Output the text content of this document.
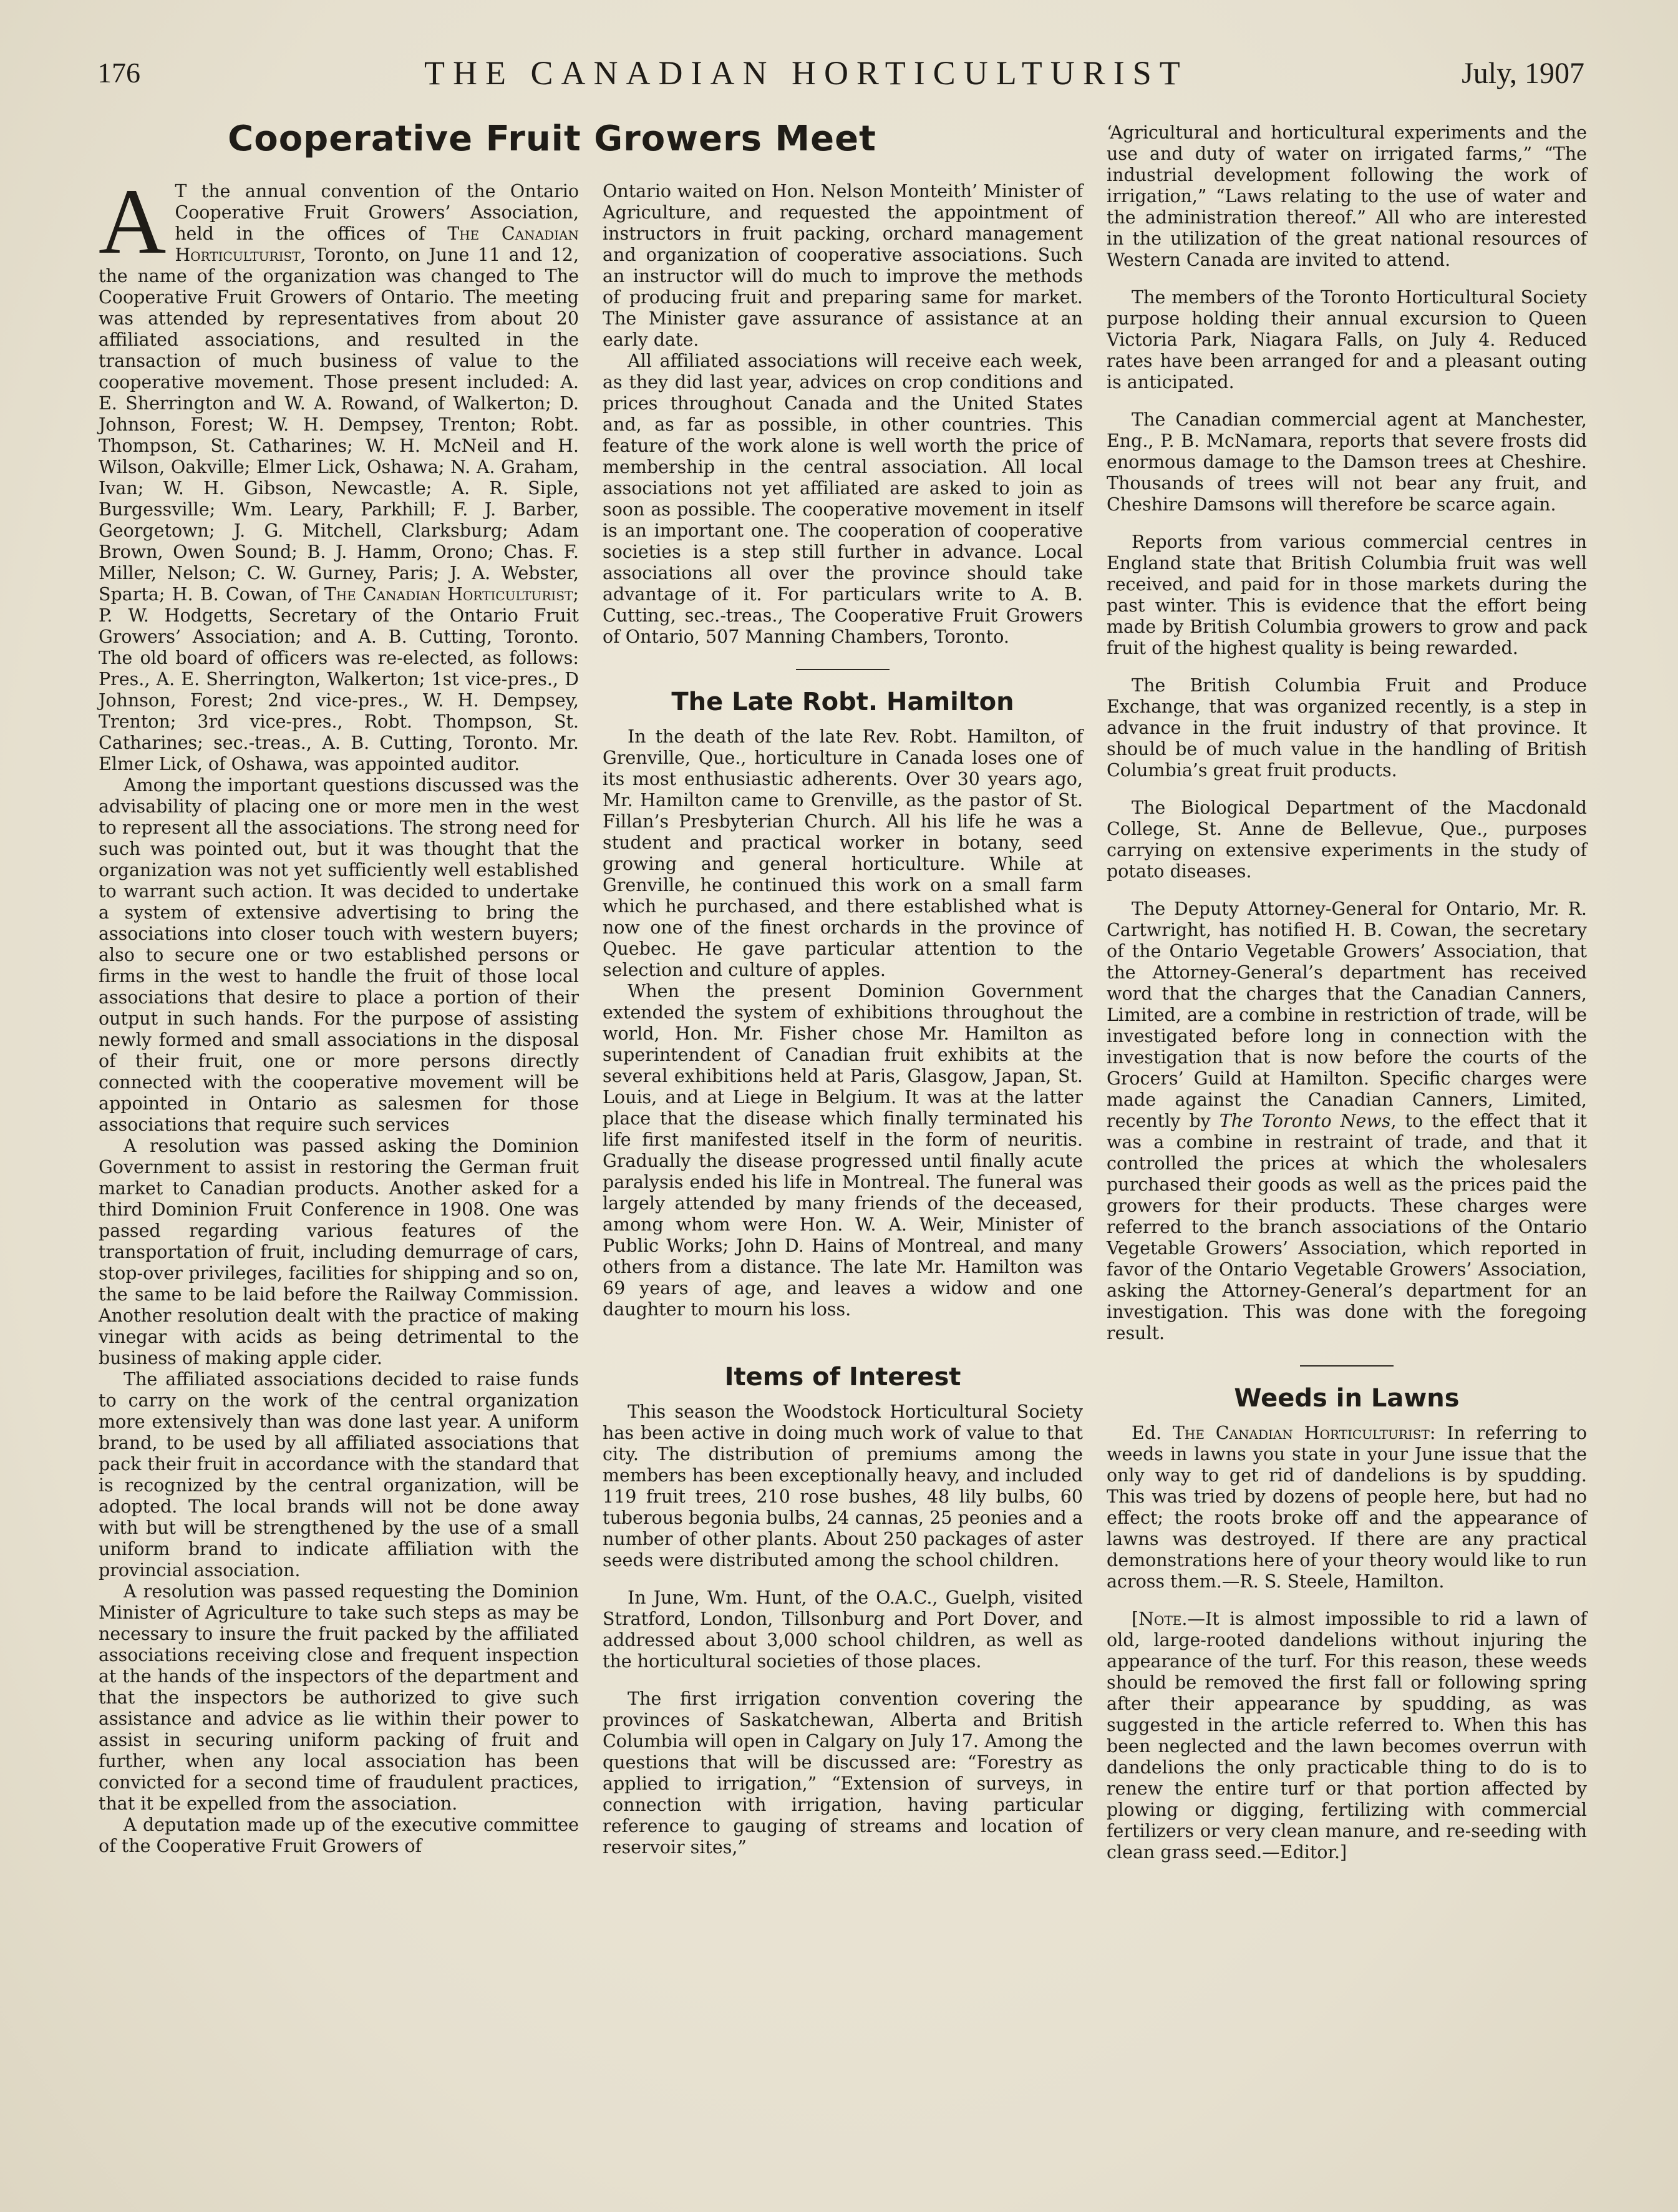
176	THE CANADIAN HORTICULTURIST	July, 1907
Cooperative Fruit Growers Meet

A T the annual convention of the Ontario Cooperative Fruit Growers’ Association, held in the offices of The Canadian Horticulturist, Toronto, on June 11 and 12, the name of the organization was changed to The Cooperative Fruit Growers of Ontario. The meeting was attended by representatives from about 20 affiliated associations, and resulted in the transaction of much business of value to the cooperative movement. Those present included: A. E. Sherrington and W. A. Rowand, of Walkerton; D. Johnson, Forest; W. H. Dempsey, Trenton; Robt. Thompson, St. Catharines; W. H. McNeil and H. Wilson, Oakville; Elmer Lick, Oshawa; N. A. Graham, Ivan; W. H. Gibson, Newcastle; A. R. Siple, Burgessville; Wm. Leary, Parkhill; F. J. Barber, Georgetown; J. G. Mitchell, Clarksburg; Adam Brown, Owen Sound; B. J. Hamm, Orono; Chas. F. Miller, Nelson; C. W. Gurney, Paris; J. A. Webster, Sparta; H. B. Cowan, of The Canadian Horticulturist; P. W. Hodgetts, Secretary of the Ontario Fruit Growers’ Association; and A. B. Cutting, Toronto. The old board of officers was re-elected, as follows: Pres., A. E. Sherrington, Walkerton; 1st vice-pres., D Johnson, Forest; 2nd vice-pres., W. H. Dempsey, Trenton; 3rd vice-pres., Robt. Thompson, St. Catharines; sec.-treas., A. B. Cutting, Toronto. Mr. Elmer Lick, of Oshawa, was appointed auditor.

Among the important questions discussed was the advisability of placing one or more men in the west to represent all the associations. The strong need for such was pointed out, but it was thought that the organization was not yet sufficiently well established to warrant such action. It was decided to undertake a system of extensive advertising to bring the associations into closer touch with western buyers; also to secure one or two established persons or firms in the west to handle the fruit of those local associations that desire to place a portion of their output in such hands. For the purpose of assisting newly formed and small associations in the disposal of their fruit, one or more persons directly connected with the cooperative movement will be appointed in Ontario as salesmen for those associations that require such services

A resolution was passed asking the Dominion Government to assist in restoring the German fruit market to Canadian products. Another asked for a third Dominion Fruit Conference in 1908. One was passed regarding various features of the transportation of fruit, including demurrage of cars, stop-over privileges, facilities for shipping and so on, the same to be laid before the Railway Commission. Another resolution dealt with the practice of making vinegar with acids as being detrimental to the business of making apple cider.

The affiliated associations decided to raise funds to carry on the work of the central organization more extensively than was done last year. A uniform brand, to be used by all affiliated associations that pack their fruit in accordance with the standard that is recognized by the central organization, will be adopted. The local brands will not be done away with but will be strengthened by the use of a small uniform brand to indicate affiliation with the provincial association.

A resolution was passed requesting the Dominion Minister of Agriculture to take such steps as may be necessary to insure the fruit packed by the affiliated associations receiving close and frequent inspection at the hands of the inspectors of the department and that the inspectors be authorized to give such assistance and advice as lie within their power to assist in securing uniform packing of fruit and further, when any local association has been convicted for a second time of fraudulent practices, that it be expelled from the association.

A deputation made up of the executive committee of the Cooperative Fruit Growers of

Ontario waited on Hon. Nelson Monteith’ Minister of Agriculture, and requested the appointment of instructors in fruit packing, orchard management and organization of cooperative associations. Such an instructor will do much to improve the methods of producing fruit and preparing same for market. The Minister gave assurance of assistance at an early date.

All affiliated associations will receive each week, as they did last year, advices on crop conditions and prices throughout Canada and the United States and, as far as possible, in other countries. This feature of the work alone is well worth the price of membership in the central association. All local associations not yet affiliated are asked to join as soon as possible. The cooperative movement in itself is an important one. The cooperation of cooperative societies is a step still further in advance. Local associations all over the province should take advantage of it. For particulars write to A. B. Cutting, sec.-treas., The Cooperative Fruit Growers of Ontario, 507 Manning Chambers, Toronto.

The Late Robt. Hamilton

In the death of the late Rev. Robt. Hamilton, of Grenville, Que., horticulture in Canada loses one of its most enthusiastic adherents. Over 30 years ago, Mr. Hamilton came to Grenville, as the pastor of St. Fillan’s Presbyterian Church. All his life he was a student and practical worker in botany, seed growing and general horticulture. While at Grenville, he continued this work on a small farm which he purchased, and there established what is now one of the finest orchards in the province of Quebec. He gave particular attention to the selection and culture of apples.

When the present Dominion Government extended the system of exhibitions throughout the world, Hon. Mr. Fisher chose Mr. Hamilton as superintendent of Canadian fruit exhibits at the several exhibitions held at Paris, Glasgow, Japan, St. Louis, and at Liege in Belgium. It was at the latter place that the disease which finally terminated his life first manifested itself in the form of neuritis. Gradually the disease progressed until finally acute paralysis ended his life in Montreal. The funeral was largely attended by many friends of the deceased, among whom were Hon. W. A. Weir, Minister of Public Works; John D. Hains of Montreal, and many others from a distance. The late Mr. Hamilton was 69 years of age, and leaves a widow and one daughter to mourn his loss.

Items of Interest

This season the Woodstock Horticultural Society has been active in doing much work of value to that city. The distribution of premiums among the members has been exceptionally heavy, and included 119 fruit trees, 210 rose bushes, 48 lily bulbs, 60 tuberous begonia bulbs, 24 cannas, 25 peonies and a number of other plants. About 250 packages of aster seeds were distributed among the school children.

In June, Wm. Hunt, of the O.A.C., Guelph, visited Stratford, London, Tillsonburg and Port Dover, and addressed about 3,000 school children, as well as the horticultural societies of those places.

The first irrigation convention covering the provinces of Saskatchewan, Alberta and British Columbia will open in Calgary on July 17. Among the questions that will be discussed are: “Forestry as applied to irrigation,” “Extension of surveys, in connection with irrigation, having particular reference to gauging of streams and location of reservoir sites,”

‘Agricultural and horticultural experiments and the use and duty of water on irrigated farms,” “The industrial development following the work of irrigation,” “Laws relating to the use of water and the administration thereof.” All who are interested in the utilization of the great national resources of Western Canada are invited to attend.

The members of the Toronto Horticultural Society purpose holding their annual excursion to Queen Victoria Park, Niagara Falls, on July 4. Reduced rates have been arranged for and a pleasant outing is anticipated.

The Canadian commercial agent at Manchester, Eng., P. B. McNamara, reports that severe frosts did enormous damage to the Damson trees at Cheshire. Thousands of trees will not bear any fruit, and Cheshire Damsons will therefore be scarce again.

Reports from various commercial centres in England state that British Columbia fruit was well received, and paid for in those markets during the past winter. This is evidence that the effort being made by British Columbia growers to grow and pack fruit of the highest quality is being rewarded.

The British Columbia Fruit and Produce Exchange, that was organized recently, is a step in advance in the fruit industry of that province. It should be of much value in the handling of British Columbia’s great fruit products.

The Biological Department of the Macdonald College, St. Anne de Bellevue, Que., purposes carrying on extensive experiments in the study of potato diseases.

The Deputy Attorney-General for Ontario, Mr. R. Cartwright, has notified H. B. Cowan, the secretary of the Ontario Vegetable Growers’ Association, that the Attorney-General’s department has received word that the charges that the Canadian Canners, Limited, are a combine in restriction of trade, will be investigated before long in connection with the investigation that is now before the courts of the Grocers’ Guild at Hamilton. Specific charges were made against the Canadian Canners, Limited, recently by The Toronto News, to the effect that it was a combine in restraint of trade, and that it controlled the prices at which the wholesalers purchased their goods as well as the prices paid the growers for their products. These charges were referred to the branch associations of the Ontario Vegetable Growers’ Association, which reported in favor of the Ontario Vegetable Growers’ Association, asking the Attorney-General’s department for an investigation. This was done with the foregoing result.

Weeds in Lawns

Ed. The Canadian Horticulturist: In referring to weeds in lawns you state in your June issue that the only way to get rid of dandelions is by spudding. This was tried by dozens of people here, but had no effect; the roots broke off and the appearance of lawns was destroyed. If there are any practical demonstrations here of your theory would like to run across them.—R. S. Steele, Hamilton.

[Note.—It is almost impossible to rid a lawn of old, large-rooted dandelions without injuring the appearance of the turf. For this reason, these weeds should be removed the first fall or following spring after their appearance by spudding, as was suggested in the article referred to. When this has been neglected and the lawn becomes overrun with dandelions the only practicable thing to do is to renew the entire turf or that portion affected by plowing or digging, fertilizing with commercial fertilizers or very clean manure, and re-seeding with clean grass seed.—Editor.]
